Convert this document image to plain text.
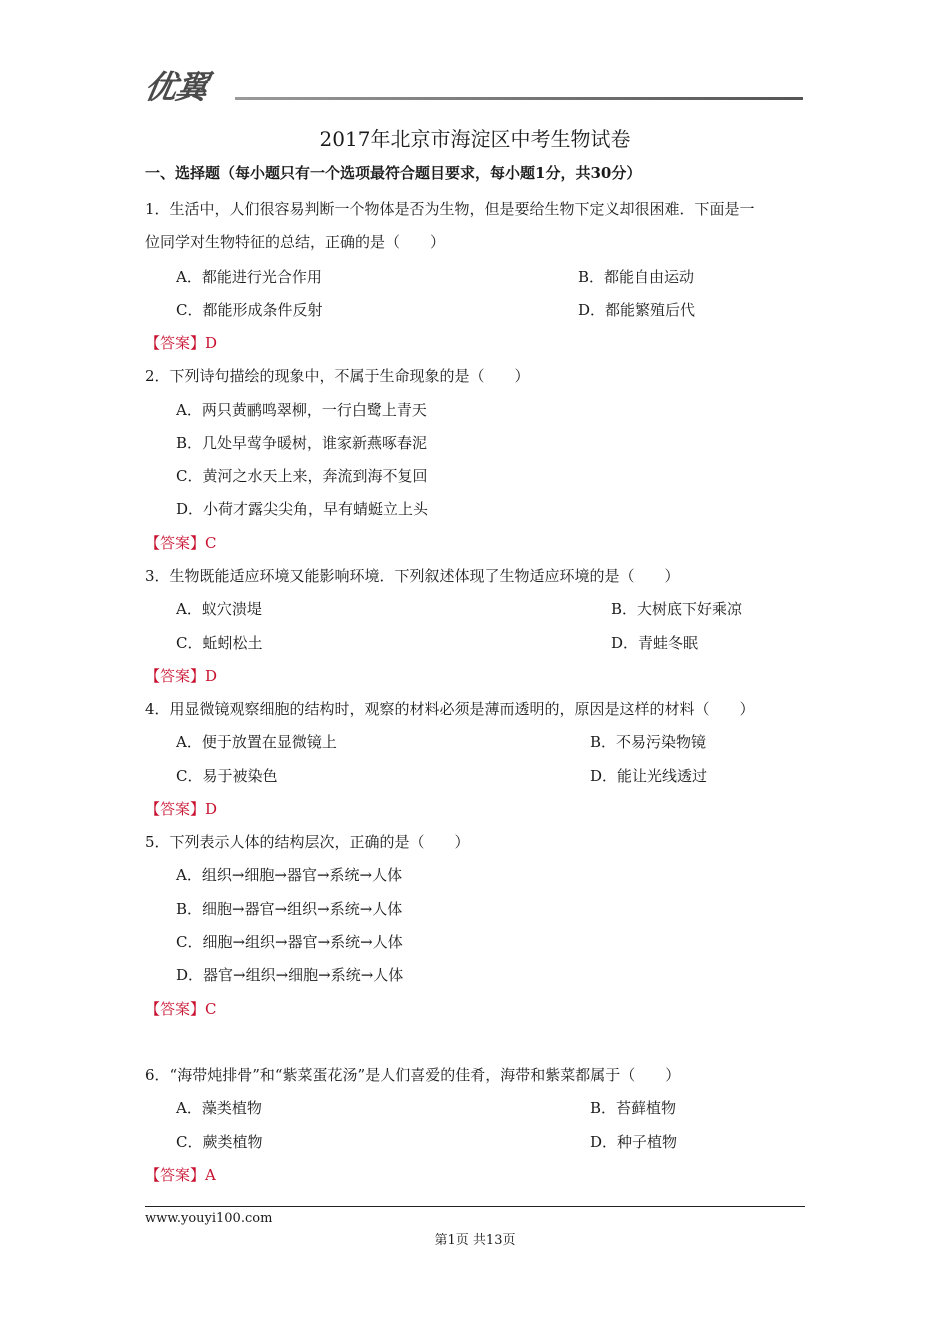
优翼
2017年北京市海淀区中考生物试卷
一、选择题（每小题只有一个选项最符合题目要求，每小题1分，共30分）
1．生活中，人们很容易判断一个物体是否为生物，但是要给生物下定义却很困难．下面是一
位同学对生物特征的总结，正确的是（　　）
A．都能进行光合作用	B．都能自由运动
C．都能形成条件反射	D．都能繁殖后代
【答案】D
2．下列诗句描绘的现象中，不属于生命现象的是（　　）
A．两只黄鹂鸣翠柳，一行白鹭上青天
B．几处早莺争暖树，谁家新燕啄春泥
C．黄河之水天上来，奔流到海不复回
D．小荷才露尖尖角，早有蜻蜓立上头
【答案】C
3．生物既能适应环境又能影响环境．下列叙述体现了生物适应环境的是（　　）
A．蚁穴溃堤	B．大树底下好乘凉
C．蚯蚓松土	D．青蛙冬眠
【答案】D
4．用显微镜观察细胞的结构时，观察的材料必须是薄而透明的，原因是这样的材料（　　）
A．便于放置在显微镜上	B．不易污染物镜
C．易于被染色	D．能让光线透过
【答案】D
5．下列表示人体的结构层次，正确的是（　　）
A．组织→细胞→器官→系统→人体
B．细胞→器官→组织→系统→人体
C．细胞→组织→器官→系统→人体
D．器官→组织→细胞→系统→人体
【答案】C
6．“海带炖排骨”和“紫菜蛋花汤”是人们喜爱的佳肴，海带和紫菜都属于（　　）
A．藻类植物	B．苔藓植物
C．蕨类植物	D．种子植物
【答案】A
www.youyi100.com
第1页 共13页
